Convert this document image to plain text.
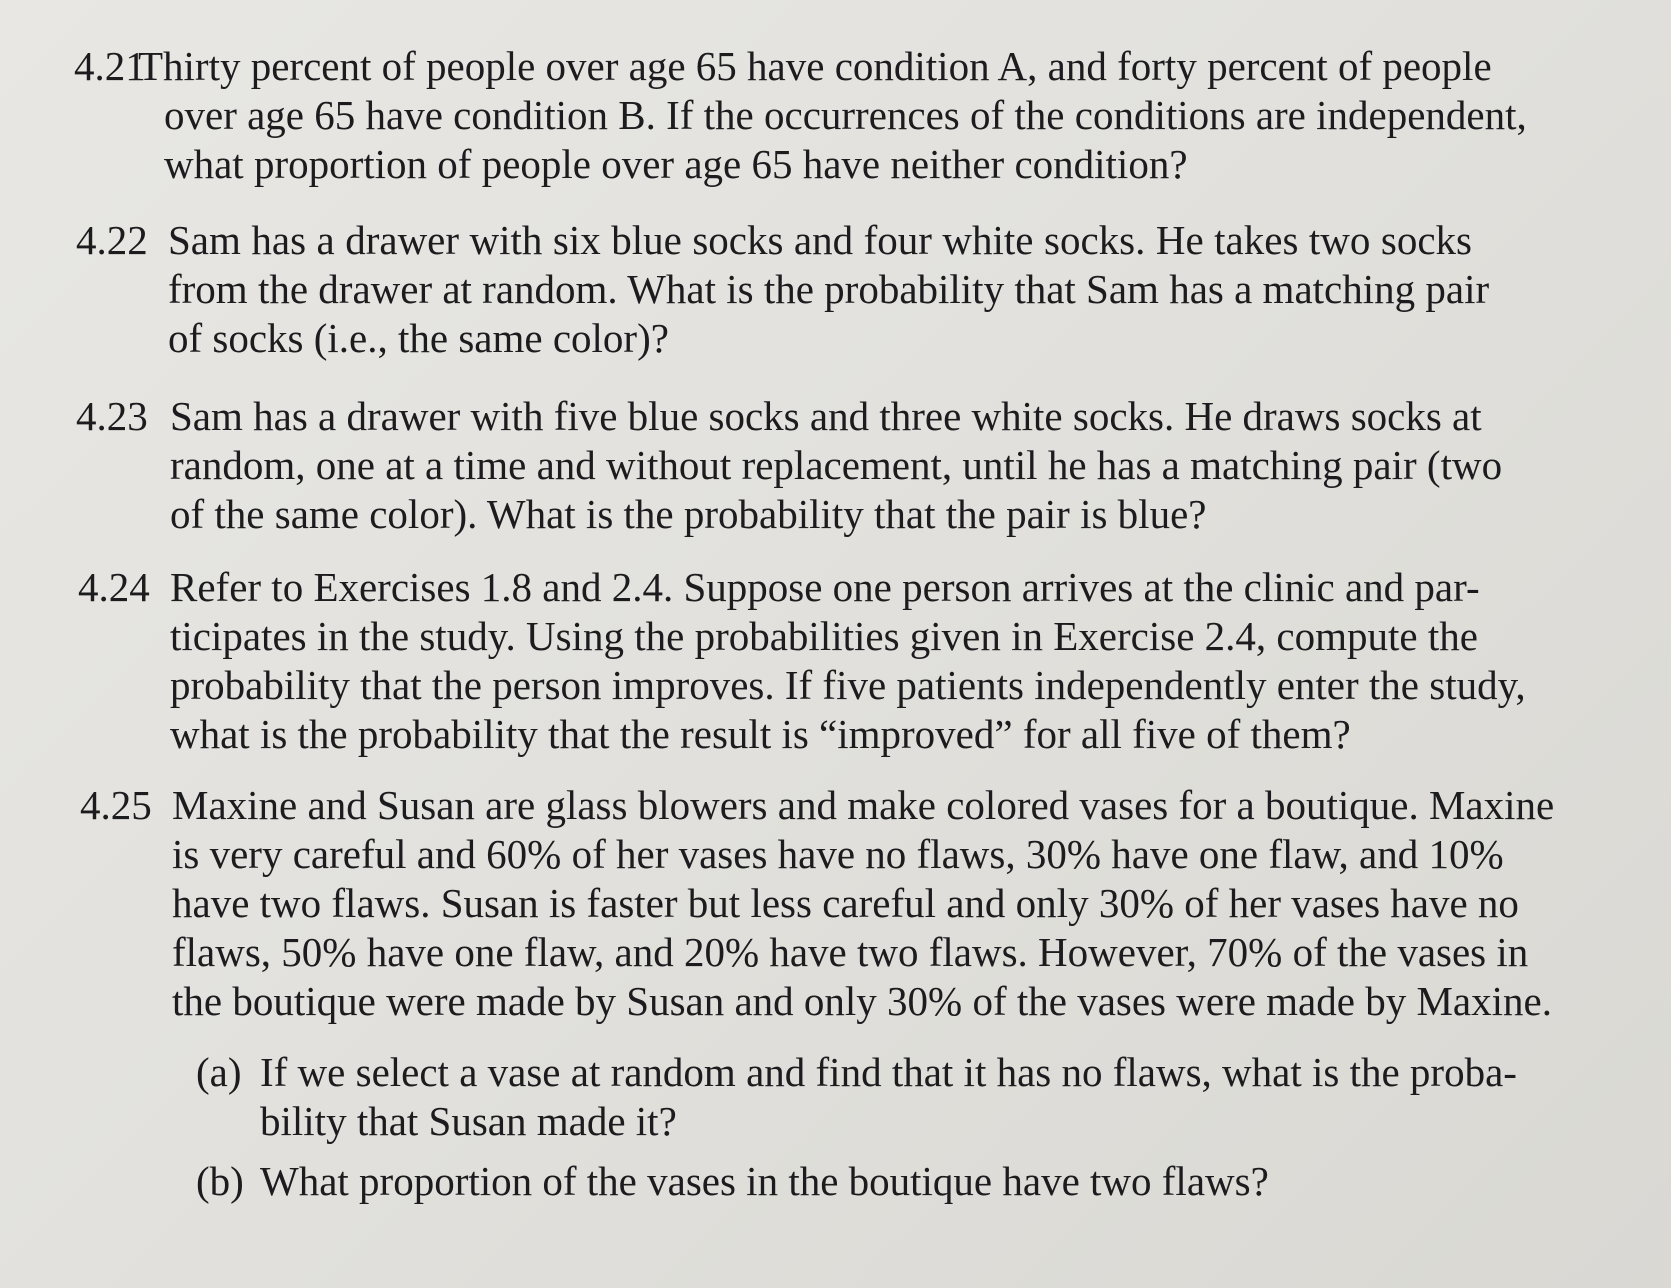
4.21
Thirty percent of people over age 65 have condition A, and forty percent of people
over age 65 have condition B. If the occurrences of the conditions are independent,
what proportion of people over age 65 have neither condition?
4.22 Sam has a drawer with six blue socks and four white socks. He takes two socks
from the drawer at random. What is the probability that Sam has a matching pair
of socks (i.e., the same color)?
4.23 Sam has a drawer with five blue socks and three white socks. He draws socks at
random, one at a time and without replacement, until he has a matching pair (two
of the same color). What is the probability that the pair is blue?
4.24 Refer to Exercises 1.8 and 2.4. Suppose one person arrives at the clinic and par-
ticipates in the study. Using the probabilities given in Exercise 2.4, compute the
probability that the person improves. If five patients independently enter the study,
what is the probability that the result is “improved” for all five of them?
4.25 Maxine and Susan are glass blowers and make colored vases for a boutique. Maxine
is very careful and 60% of her vases have no flaws, 30% have one flaw, and 10%
have two flaws. Susan is faster but less careful and only 30% of her vases have no
flaws, 50% have one flaw, and 20% have two flaws. However, 70% of the vases in
the boutique were made by Susan and only 30% of the vases were made by Maxine.
(a) If we select a vase at random and find that it has no flaws, what is the proba-
bility that Susan made it?
(b) What proportion of the vases in the boutique have two flaws?
